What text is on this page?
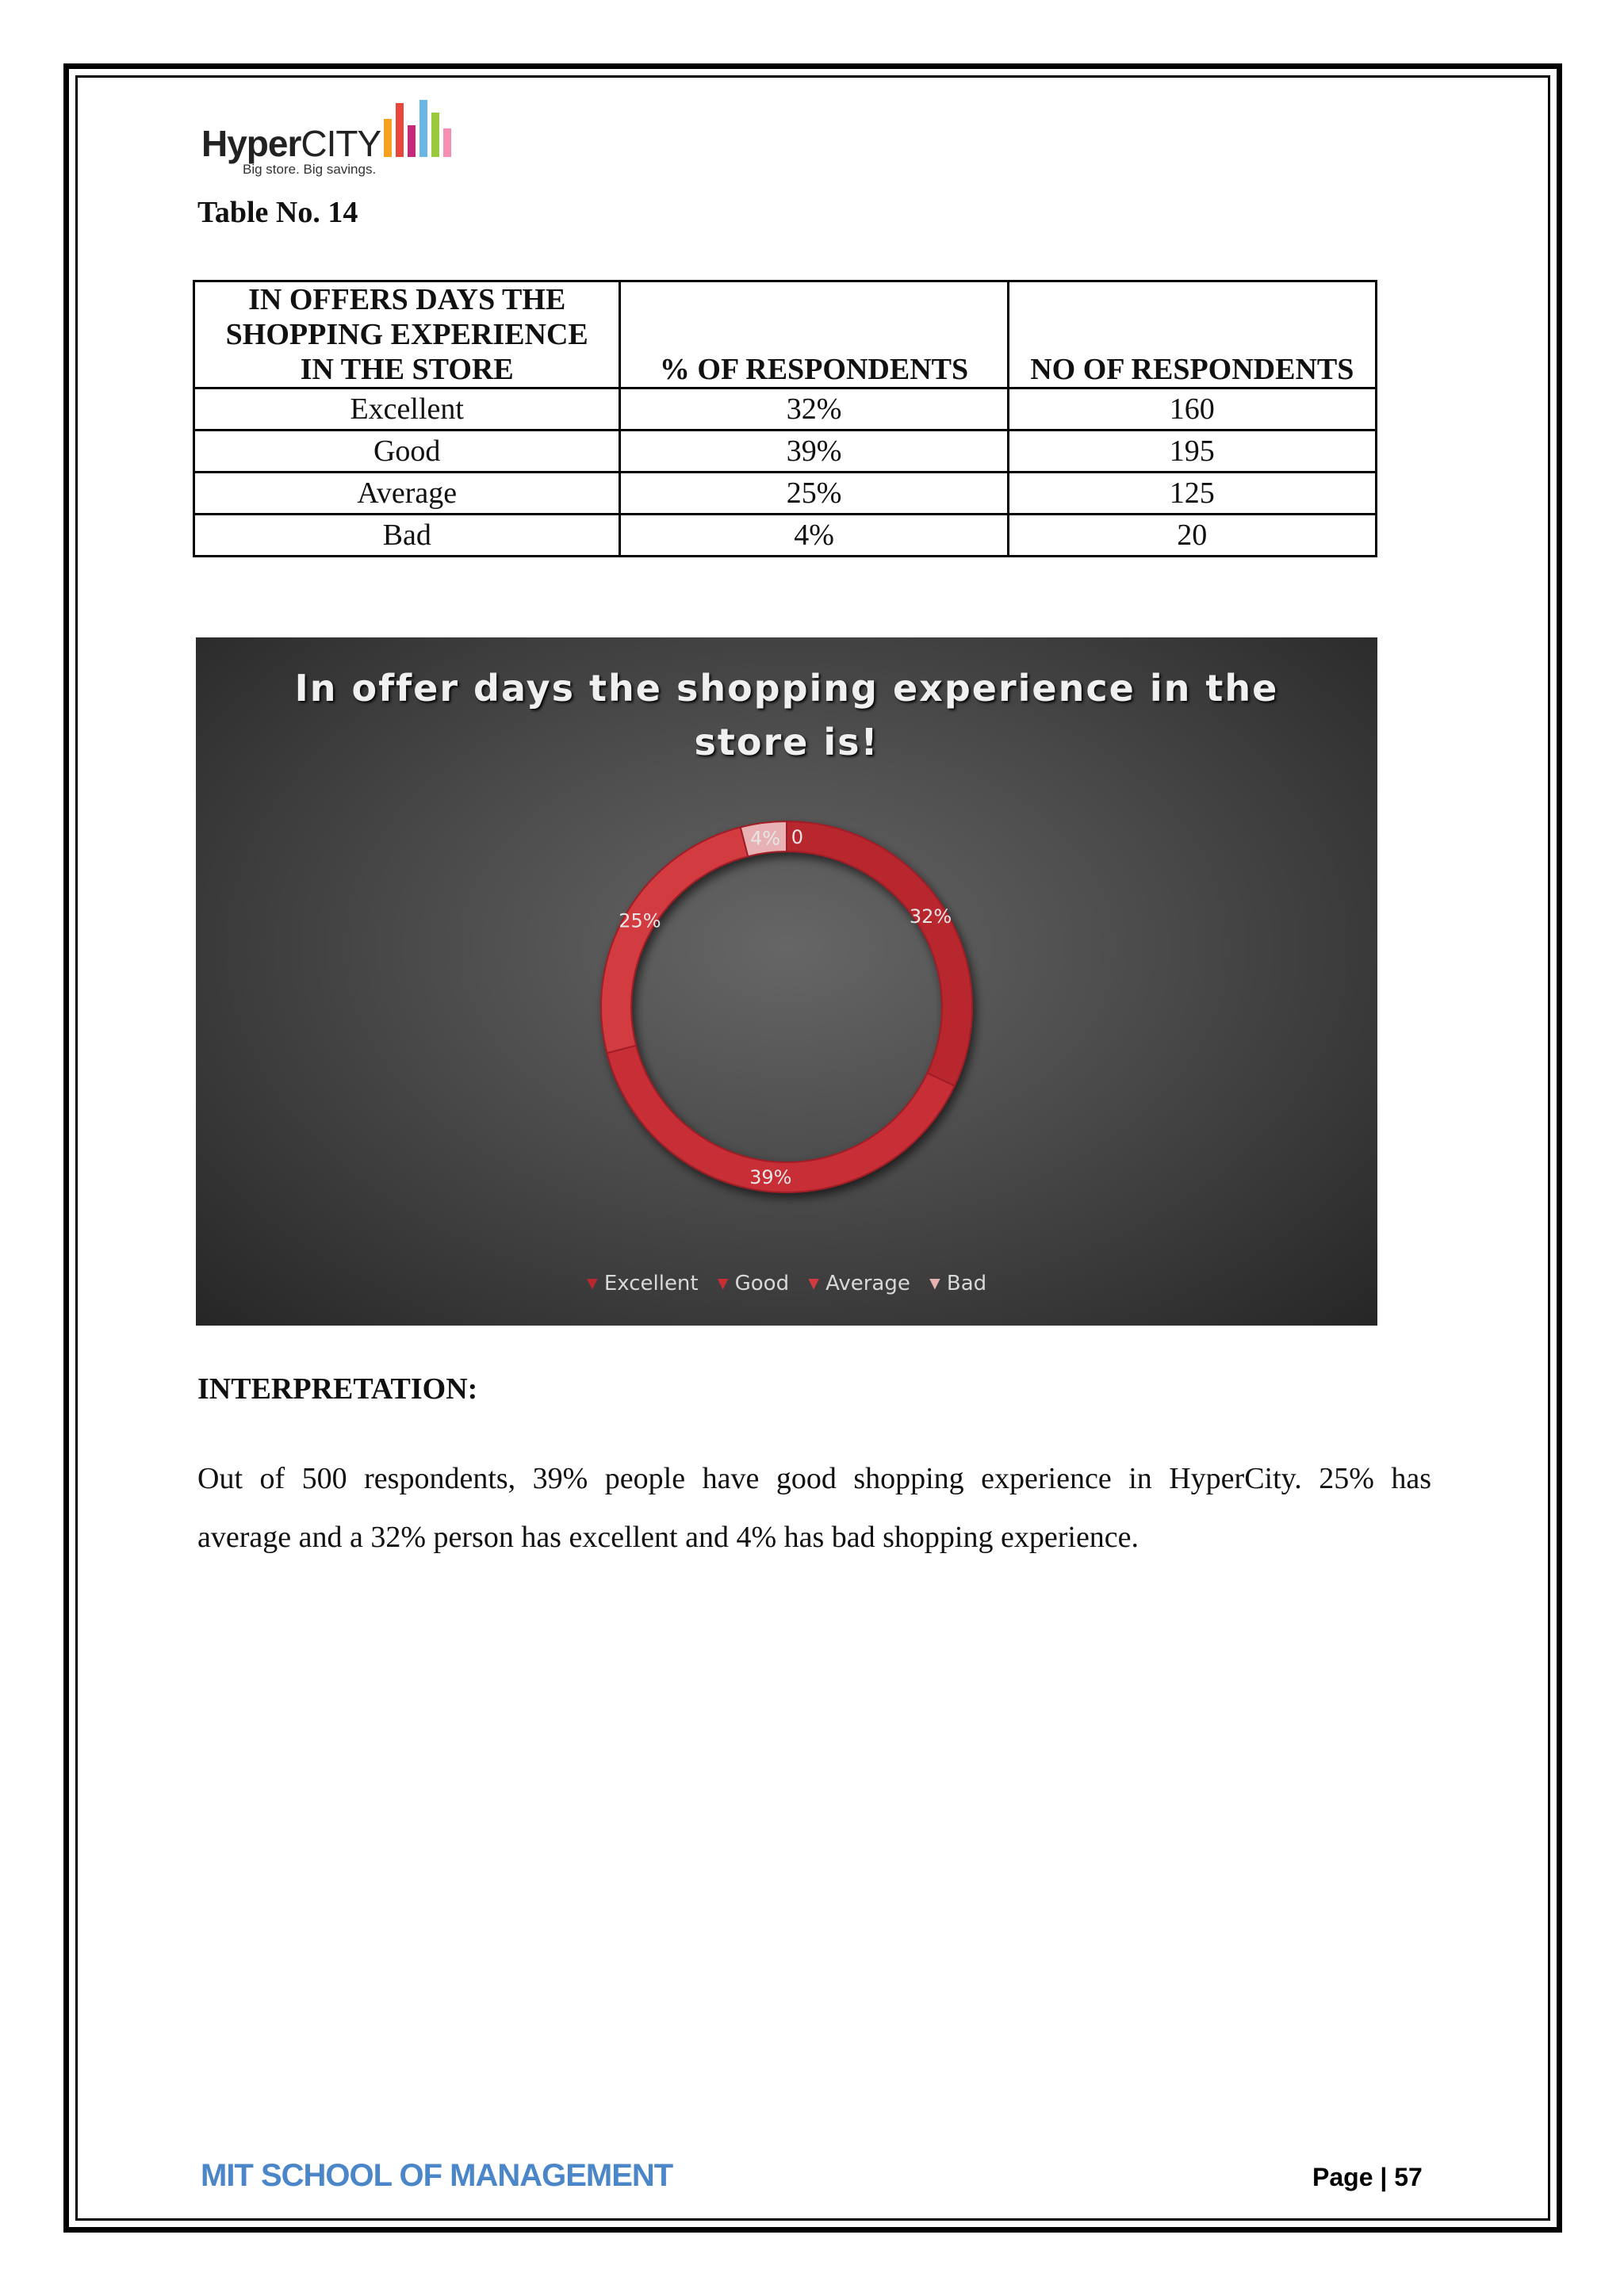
HyperCITY
Big store. Big savings.
Table No. 14
IN OFFERS DAYS THE
SHOPPING EXPERIENCE
IN THE STORE	% OF RESPONDENTS	NO OF RESPONDENTS
Excellent	32%	160
Good	39%	195
Average	25%	125
Bad	4%	20
In offer days the shopping experience in the
store is!
32%
39%
25%
4% 0
Excellent Good Average Bad
INTERPRETATION:
Out of 500 respondents, 39% people have good shopping experience in HyperCity. 25% has
average and a 32% person has excellent and 4% has bad shopping experience.
MIT SCHOOL OF MANAGEMENT	Page | 57
